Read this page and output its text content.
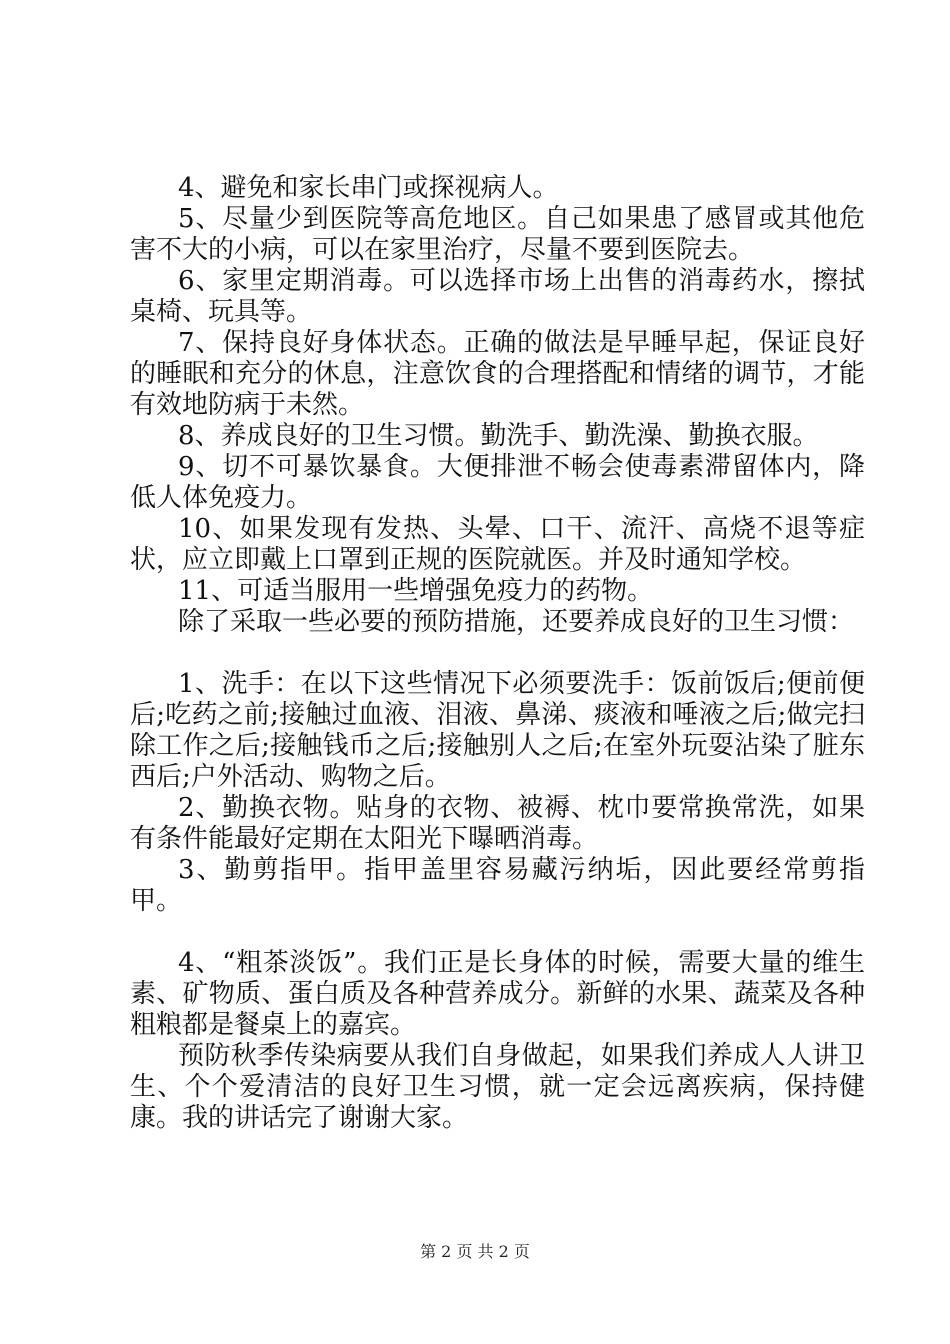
4、避免和家长串门或探视病人。

5、尽量少到医院等高危地区。自己如果患了感冒或其他危害不大的小病，可以在家里治疗，尽量不要到医院去。

6、家里定期消毒。可以选择市场上出售的消毒药水，擦拭桌椅、玩具等。

7、保持良好身体状态。正确的做法是早睡早起，保证良好的睡眠和充分的休息，注意饮食的合理搭配和情绪的调节，才能有效地防病于未然。

8、养成良好的卫生习惯。勤洗手、勤洗澡、勤换衣服。

9、切不可暴饮暴食。大便排泄不畅会使毒素滞留体内，降低人体免疫力。

10、如果发现有发热、头晕、口干、流汗、高烧不退等症状，应立即戴上口罩到正规的医院就医。并及时通知学校。

11、可适当服用一些增强免疫力的药物。

除了采取一些必要的预防措施，还要养成良好的卫生习惯：

1、洗手：在以下这些情况下必须要洗手：饭前饭后;便前便后;吃药之前;接触过血液、泪液、鼻涕、痰液和唾液之后;做完扫除工作之后;接触钱币之后;接触别人之后;在室外玩耍沾染了脏东西后;户外活动、购物之后。

2、勤换衣物。贴身的衣物、被褥、枕巾要常换常洗，如果有条件能最好定期在太阳光下曝晒消毒。

3、勤剪指甲。指甲盖里容易藏污纳垢，因此要经常剪指甲。

4、“粗茶淡饭”。我们正是长身体的时候，需要大量的维生素、矿物质、蛋白质及各种营养成分。新鲜的水果、蔬菜及各种粗粮都是餐桌上的嘉宾。

预防秋季传染病要从我们自身做起，如果我们养成人人讲卫生、个个爱清洁的良好卫生习惯，就一定会远离疾病，保持健康。我的讲话完了谢谢大家。

第 2 页 共 2 页
